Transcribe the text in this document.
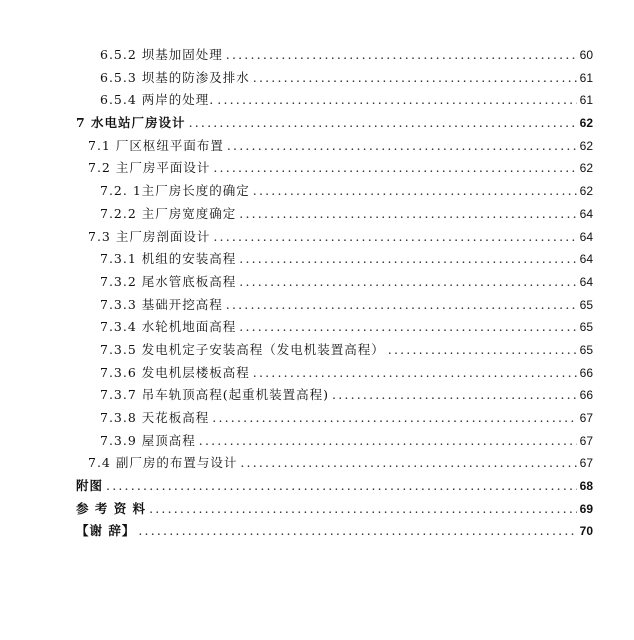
6.5.2 坝基加固处理 .....	60
6.5.3 坝基的防渗及排水 .....	61
6.5.4 两岸的处理. .....	61
7 水电站厂房设计 .....	62
7.1 厂区枢纽平面布置 .....	62
7.2 主厂房平面设计 .....	62
7.2. 1主厂房长度的确定 .....	62
7.2.2 主厂房宽度确定 .....	64
7.3 主厂房剖面设计 .....	64
7.3.1 机组的安装高程 .....	64
7.3.2 尾水管底板高程 .....	64
7.3.3 基础开挖高程 .....	65
7.3.4 水轮机地面高程 .....	65
7.3.5 发电机定子安装高程（发电机装置高程） .....	65
7.3.6 发电机层楼板高程 .....	66
7.3.7 吊车轨顶高程(起重机装置高程) .....	66
7.3.8 天花板高程 .....	67
7.3.9 屋顶高程 .....	67
7.4 副厂房的布置与设计 .....	67
附图 .....	68
参 考 资 料 .....	69
【谢 辞】 .....	70
